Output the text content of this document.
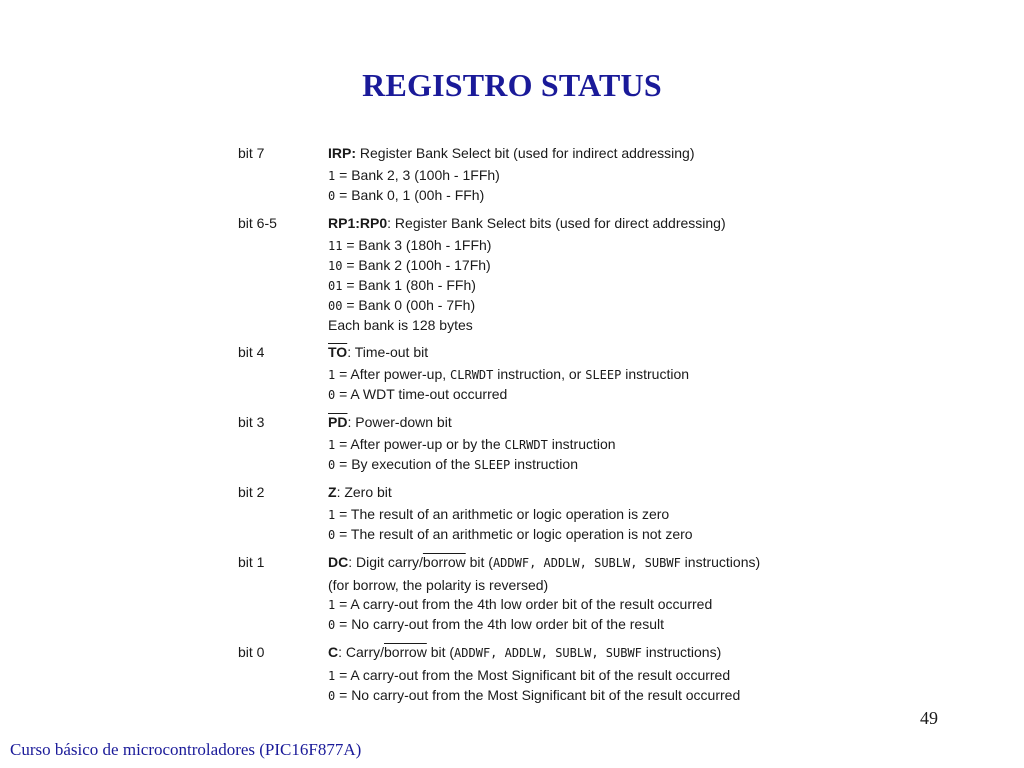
REGISTRO STATUS
bit 7	IRP: Register Bank Select bit (used for indirect addressing)
1 = Bank 2, 3 (100h - 1FFh)
0 = Bank 0, 1 (00h - FFh)
bit 6-5	RP1:RP0: Register Bank Select bits (used for direct addressing)
11 = Bank 3 (180h - 1FFh)
10 = Bank 2 (100h - 17Fh)
01 = Bank 1 (80h - FFh)
00 = Bank 0 (00h - 7Fh)
Each bank is 128 bytes
bit 4	$\overline{TO}$: Time-out bit
1 = After power-up, CLRWDT instruction, or SLEEP instruction
0 = A WDT time-out occurred
bit 3	$\overline{PD}$: Power-down bit
1 = After power-up or by the CLRWDT instruction
0 = By execution of the SLEEP instruction
bit 2	Z: Zero bit
1 = The result of an arithmetic or logic operation is zero
0 = The result of an arithmetic or logic operation is not zero
bit 1	DC: Digit carry/borrow bit (ADDWF, ADDLW, SUBLW, SUBWF instructions)
(for borrow, the polarity is reversed)
1 = A carry-out from the 4th low order bit of the result occurred
0 = No carry-out from the 4th low order bit of the result
bit 0	C: Carry/borrow bit (ADDWF, ADDLW, SUBLW, SUBWF instructions)
1 = A carry-out from the Most Significant bit of the result occurred
0 = No carry-out from the Most Significant bit of the result occurred
49
Curso básico de microcontroladores (PIC16F877A)
